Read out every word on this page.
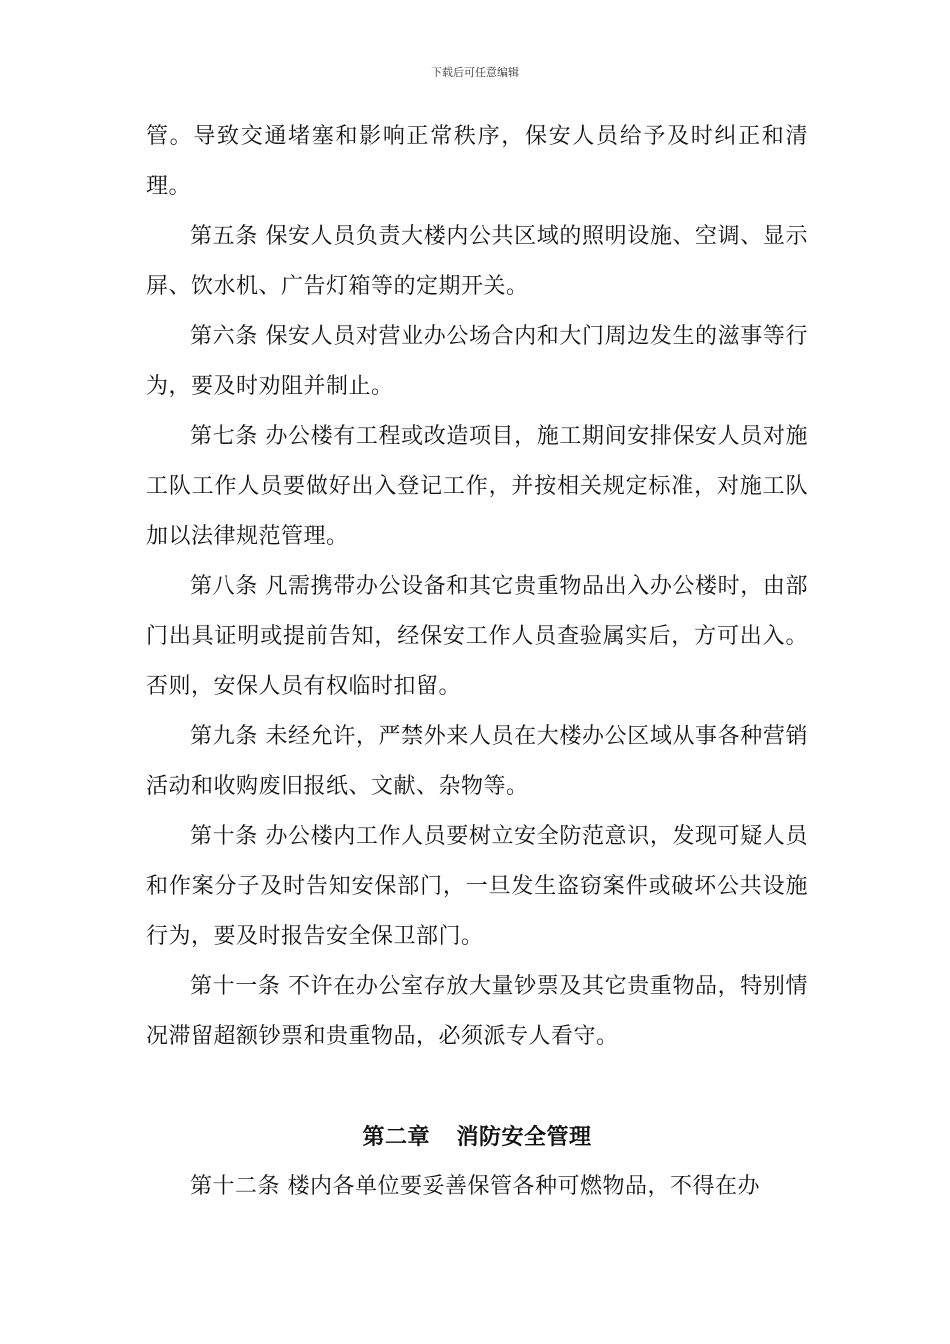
下载后可任意编辑

管。导致交通堵塞和影响正常秩序，保安人员给予及时纠正和清理。

第五条 保安人员负责大楼内公共区域的照明设施、空调、显示屏、饮水机、广告灯箱等的定期开关。

第六条 保安人员对营业办公场合内和大门周边发生的滋事等行为，要及时劝阻并制止。

第七条 办公楼有工程或改造项目，施工期间安排保安人员对施工队工作人员要做好出入登记工作，并按相关规定标准，对施工队加以法律规范管理。

第八条 凡需携带办公设备和其它贵重物品出入办公楼时，由部门出具证明或提前告知，经保安工作人员查验属实后，方可出入。否则，安保人员有权临时扣留。

第九条 未经允许，严禁外来人员在大楼办公区域从事各种营销活动和收购废旧报纸、文献、杂物等。

第十条 办公楼内工作人员要树立安全防范意识，发现可疑人员和作案分子及时告知安保部门，一旦发生盗窃案件或破坏公共设施行为，要及时报告安全保卫部门。

第十一条 不许在办公室存放大量钞票及其它贵重物品，特别情况滞留超额钞票和贵重物品，必须派专人看守。

第二章 消防安全管理

第十二条 楼内各单位要妥善保管各种可燃物品，不得在办
